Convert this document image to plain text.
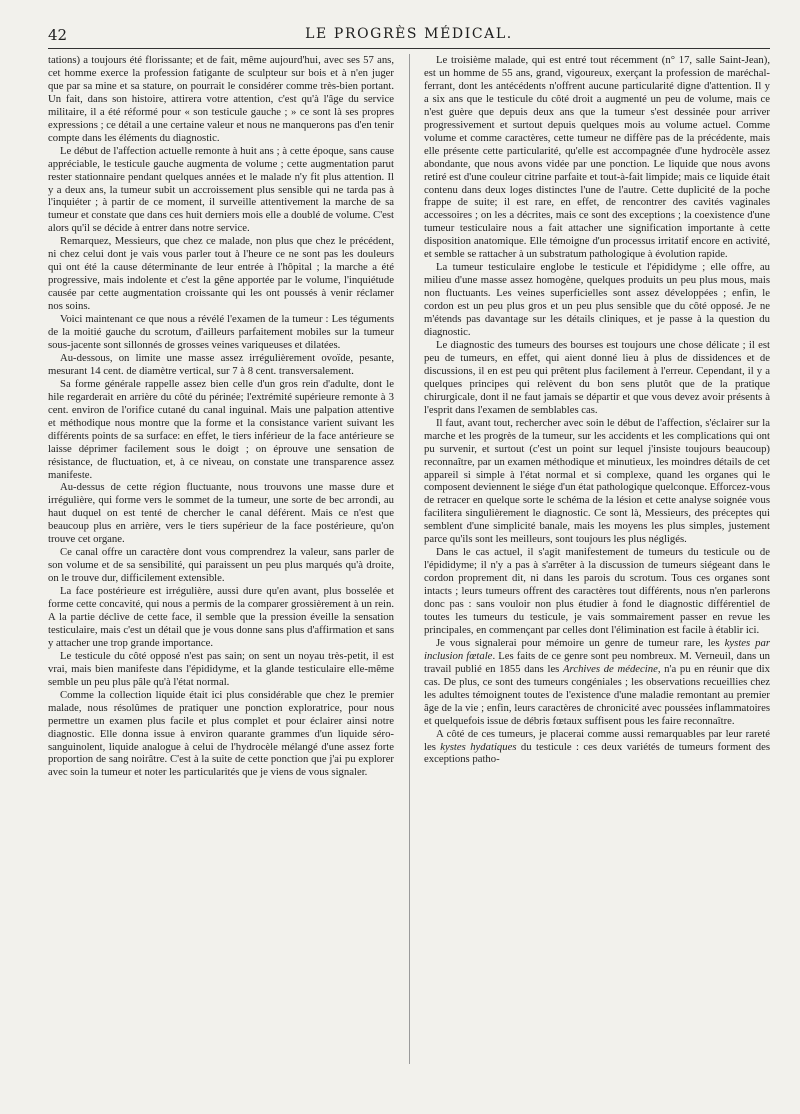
42	LE PROGRÈS MÉDICAL.

tations) a toujours été florissante; et de fait, même aujourd'hui, avec ses 57 ans, cet homme exerce la profession fatigante de sculpteur sur bois et à n'en juger que par sa mine et sa stature, on pourrait le considérer comme très-bien portant. Un fait, dans son histoire, attirera votre attention, c'est qu'à l'âge du service militaire, il a été réformé pour « son testicule gauche ; » ce sont là ses propres expressions ; ce détail a une certaine valeur et nous ne manquerons pas d'en tenir compte dans les éléments du diagnostic.

Le début de l'affection actuelle remonte à huit ans ; à cette époque, sans cause appréciable, le testicule gauche augmenta de volume ; cette augmentation parut rester stationnaire pendant quelques années et le malade n'y fit plus attention. Il y a deux ans, la tumeur subit un accroissement plus sensible qui ne tarda pas à l'inquiéter ; à partir de ce moment, il surveille attentivement la marche de sa tumeur et constate que dans ces huit derniers mois elle a doublé de volume. C'est alors qu'il se décide à entrer dans notre service.

Remarquez, Messieurs, que chez ce malade, non plus que chez le précédent, ni chez celui dont je vais vous parler tout à l'heure ce ne sont pas les douleurs qui ont été la cause déterminante de leur entrée à l'hôpital ; la marche a été progressive, mais indolente et c'est la gêne apportée par le volume, l'inquiétude causée par cette augmentation croissante qui les ont poussés à venir réclamer nos soins.

Voici maintenant ce que nous a révélé l'examen de la tumeur : Les téguments de la moitié gauche du scrotum, d'ailleurs parfaitement mobiles sur la tumeur sous-jacente sont sillonnés de grosses veines variqueuses et dilatées.

Au-dessous, on limite une masse assez irrégulièrement ovoïde, pesante, mesurant 14 cent. de diamètre vertical, sur 7 à 8 cent. transversalement.

Sa forme générale rappelle assez bien celle d'un gros rein d'adulte, dont le hile regarderait en arrière du côté du périnée; l'extrémité supérieure remonte à 3 cent. environ de l'orifice cutané du canal inguinal. Mais une palpation attentive et méthodique nous montre que la forme et la consistance varient suivant les différents points de sa surface: en effet, le tiers inférieur de la face antérieure se laisse déprimer facilement sous le doigt ; on éprouve une sensation de résistance, de fluctuation, et, à ce niveau, on constate une transparence assez manifeste.

Au-dessus de cette région fluctuante, nous trouvons une masse dure et irrégulière, qui forme vers le sommet de la tumeur, une sorte de bec arrondi, au haut duquel on est tenté de chercher le canal déférent. Mais ce n'est que beaucoup plus en arrière, vers le tiers supérieur de la face postérieure, qu'on trouve cet organe.

Ce canal offre un caractère dont vous comprendrez la valeur, sans parler de son volume et de sa sensibilité, qui paraissent un peu plus marqués qu'à droite, on le trouve dur, difficilement extensible.

La face postérieure est irrégulière, aussi dure qu'en avant, plus bosselée et forme cette concavité, qui nous a permis de la comparer grossièrement à un rein. A la partie déclive de cette face, il semble que la pression éveille la sensation testiculaire, mais c'est un détail que je vous donne sans plus d'affirmation et sans y attacher une trop grande importance.

Le testicule du côté opposé n'est pas sain; on sent un noyau très-petit, il est vrai, mais bien manifeste dans l'épididyme, et la glande testiculaire elle-même semble un peu plus pâle qu'à l'état normal.

Comme la collection liquide était ici plus considérable que chez le premier malade, nous résolûmes de pratiquer une ponction exploratrice, pour nous permettre un examen plus facile et plus complet et pour éclairer ainsi notre diagnostic. Elle donna issue à environ quarante grammes d'un liquide séro-sanguinolent, liquide analogue à celui de l'hydrocèle mélangé d'une assez forte proportion de sang noirâtre. C'est à la suite de cette ponction que j'ai pu explorer avec soin la tumeur et noter les particularités que je viens de vous signaler.

Le troisième malade, qui est entré tout récemment (n° 17, salle Saint-Jean), est un homme de 55 ans, grand, vigoureux, exerçant la profession de maréchal-ferrant, dont les antécédents n'offrent aucune particularité digne d'attention. Il y a six ans que le testicule du côté droit a augmenté un peu de volume, mais ce n'est guère que depuis deux ans que la tumeur s'est dessinée pour arriver progressivement et surtout depuis quelques mois au volume actuel. Comme volume et comme caractères, cette tumeur ne diffère pas de la précédente, mais elle présente cette particularité, qu'elle est accompagnée d'une hydrocèle assez abondante, que nous avons vidée par une ponction. Le liquide que nous avons retiré est d'une couleur citrine parfaite et tout-à-fait limpide; mais ce liquide était contenu dans deux loges distinctes l'une de l'autre. Cette duplicité de la poche frappe de suite; il est rare, en effet, de rencontrer des cavités vaginales accessoires ; on les a décrites, mais ce sont des exceptions ; la coexistence d'une tumeur testiculaire nous a fait attacher une signification importante à cette disposition anatomique. Elle témoigne d'un processus irritatif encore en activité, et semble se rattacher à un substratum pathologique à évolution rapide.

La tumeur testiculaire englobe le testicule et l'épididyme ; elle offre, au milieu d'une masse assez homogène, quelques produits un peu plus mous, mais non fluctuants. Les veines superficielles sont assez développées ; enfin, le cordon est un peu plus gros et un peu plus sensible que du côté opposé. Je ne m'étends pas davantage sur les détails cliniques, et je passe à la question du diagnostic.

Le diagnostic des tumeurs des bourses est toujours une chose délicate ; il est peu de tumeurs, en effet, qui aient donné lieu à plus de dissidences et de discussions, il en est peu qui prêtent plus facilement à l'erreur. Cependant, il y a quelques principes qui relèvent du bon sens plutôt que de la pratique chirurgicale, dont il ne faut jamais se départir et que vous devez avoir présents à l'esprit dans l'examen de semblables cas.

Il faut, avant tout, rechercher avec soin le début de l'affection, s'éclairer sur la marche et les progrès de la tumeur, sur les accidents et les complications qui ont pu survenir, et surtout (c'est un point sur lequel j'insiste toujours beaucoup) reconnaître, par un examen méthodique et minutieux, les moindres détails de cet appareil si simple à l'état normal et si complexe, quand les organes qui le composent deviennent le siége d'un état pathologique quelconque. Efforcez-vous de retracer en quelque sorte le schéma de la lésion et cette analyse soignée vous facilitera singulièrement le diagnostic. Ce sont là, Messieurs, des préceptes qui semblent d'une simplicité banale, mais les moyens les plus simples, justement parce qu'ils sont les meilleurs, sont toujours les plus négligés.

Dans le cas actuel, il s'agit manifestement de tumeurs du testicule ou de l'épididyme; il n'y a pas à s'arrêter à la discussion de tumeurs siégeant dans le cordon proprement dit, ni dans les parois du scrotum. Tous ces organes sont intacts ; leurs tumeurs offrent des caractères tout différents, nous n'en parlerons donc pas : sans vouloir non plus étudier à fond le diagnostic différentiel de toutes les tumeurs du testicule, je vais sommairement passer en revue les principales, en commençant par celles dont l'élimination est facile à établir ici.

Je vous signalerai pour mémoire un genre de tumeur rare, les kystes par inclusion fœtale. Les faits de ce genre sont peu nombreux. M. Verneuil, dans un travail publié en 1855 dans les Archives de médecine, n'a pu en réunir que dix cas. De plus, ce sont des tumeurs congéniales ; les observations recueillies chez les adultes témoignent toutes de l'existence d'une maladie remontant au premier âge de la vie ; enfin, leurs caractères de chronicité avec poussées inflammatoires et quelquefois issue de débris fœtaux suffisent pous les faire reconnaître.

A côté de ces tumeurs, je placerai comme aussi remarquables par leur rareté les kystes hydatiques du testicule : ces deux variétés de tumeurs forment des exceptions patho-
